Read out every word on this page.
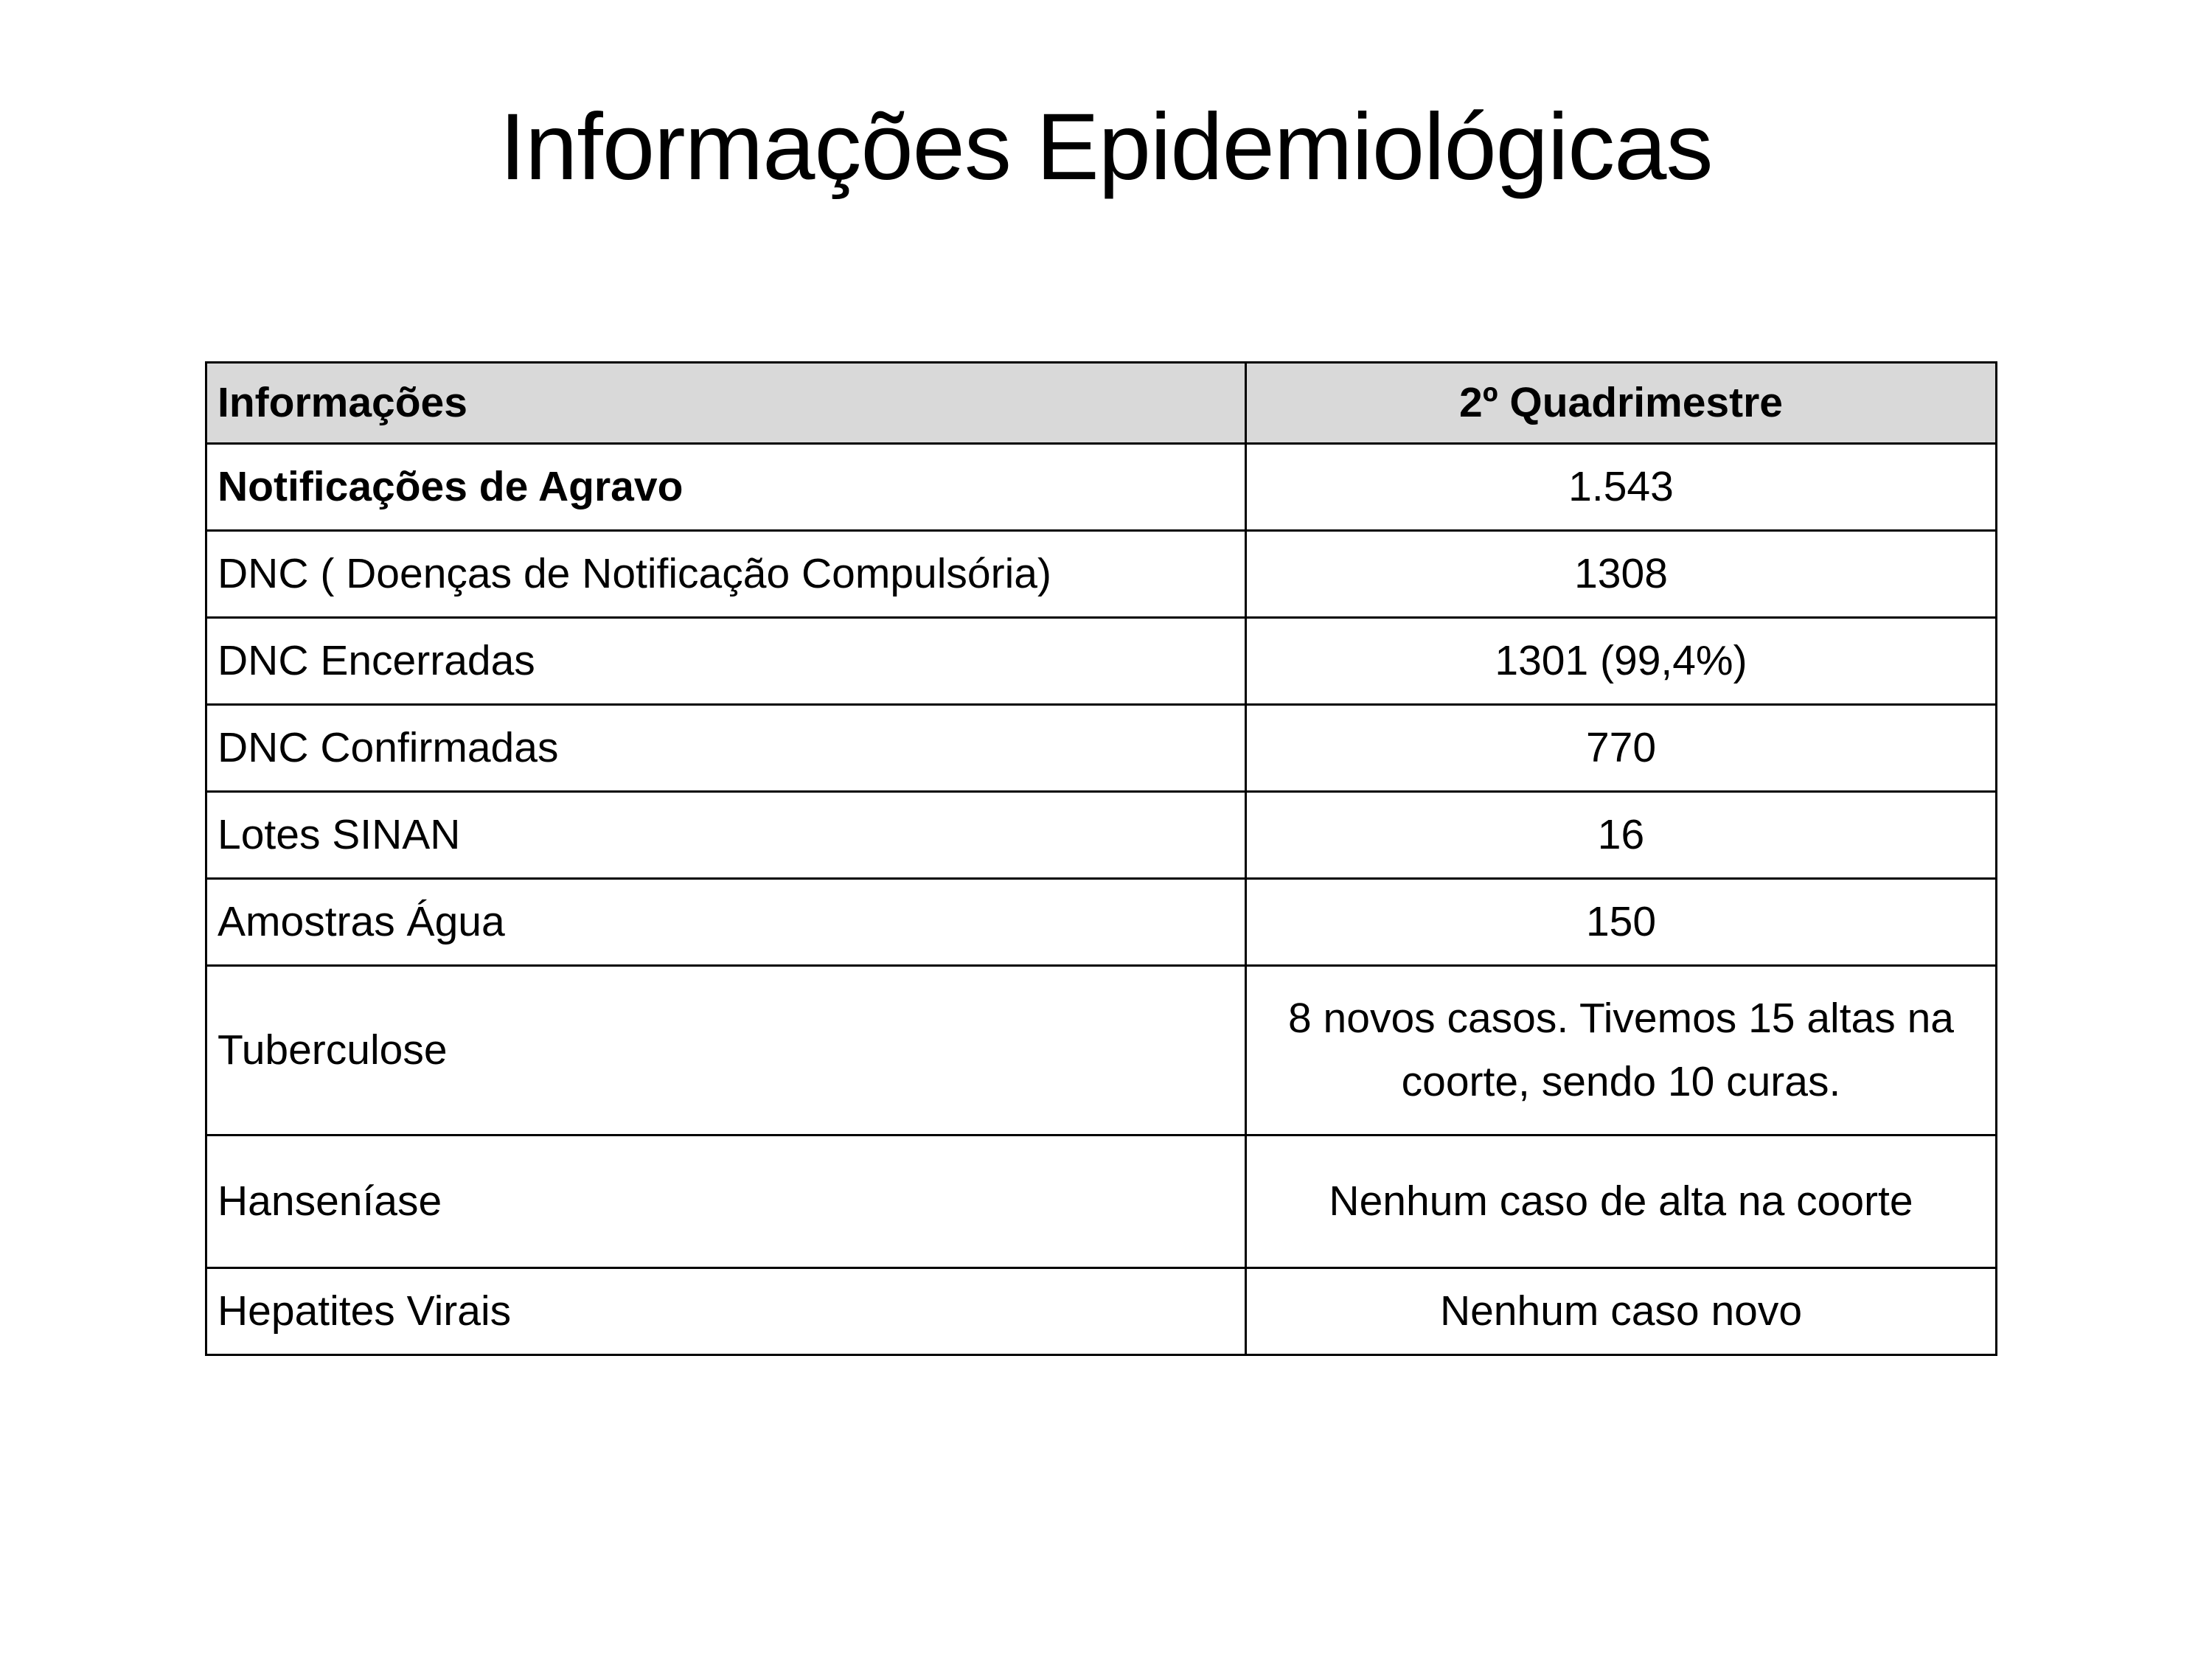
Informações Epidemiológicas
Informações	2º Quadrimestre
Notificações de Agravo	1.543
DNC ( Doenças de Notificação Compulsória)	1308
DNC Encerradas	1301 (99,4%)
DNC Confirmadas	770
Lotes SINAN	16
Amostras Água	150
Tuberculose	8 novos casos. Tivemos 15 altas na coorte, sendo 10 curas.
Hanseníase	Nenhum caso de alta na coorte
Hepatites Virais	Nenhum caso novo
